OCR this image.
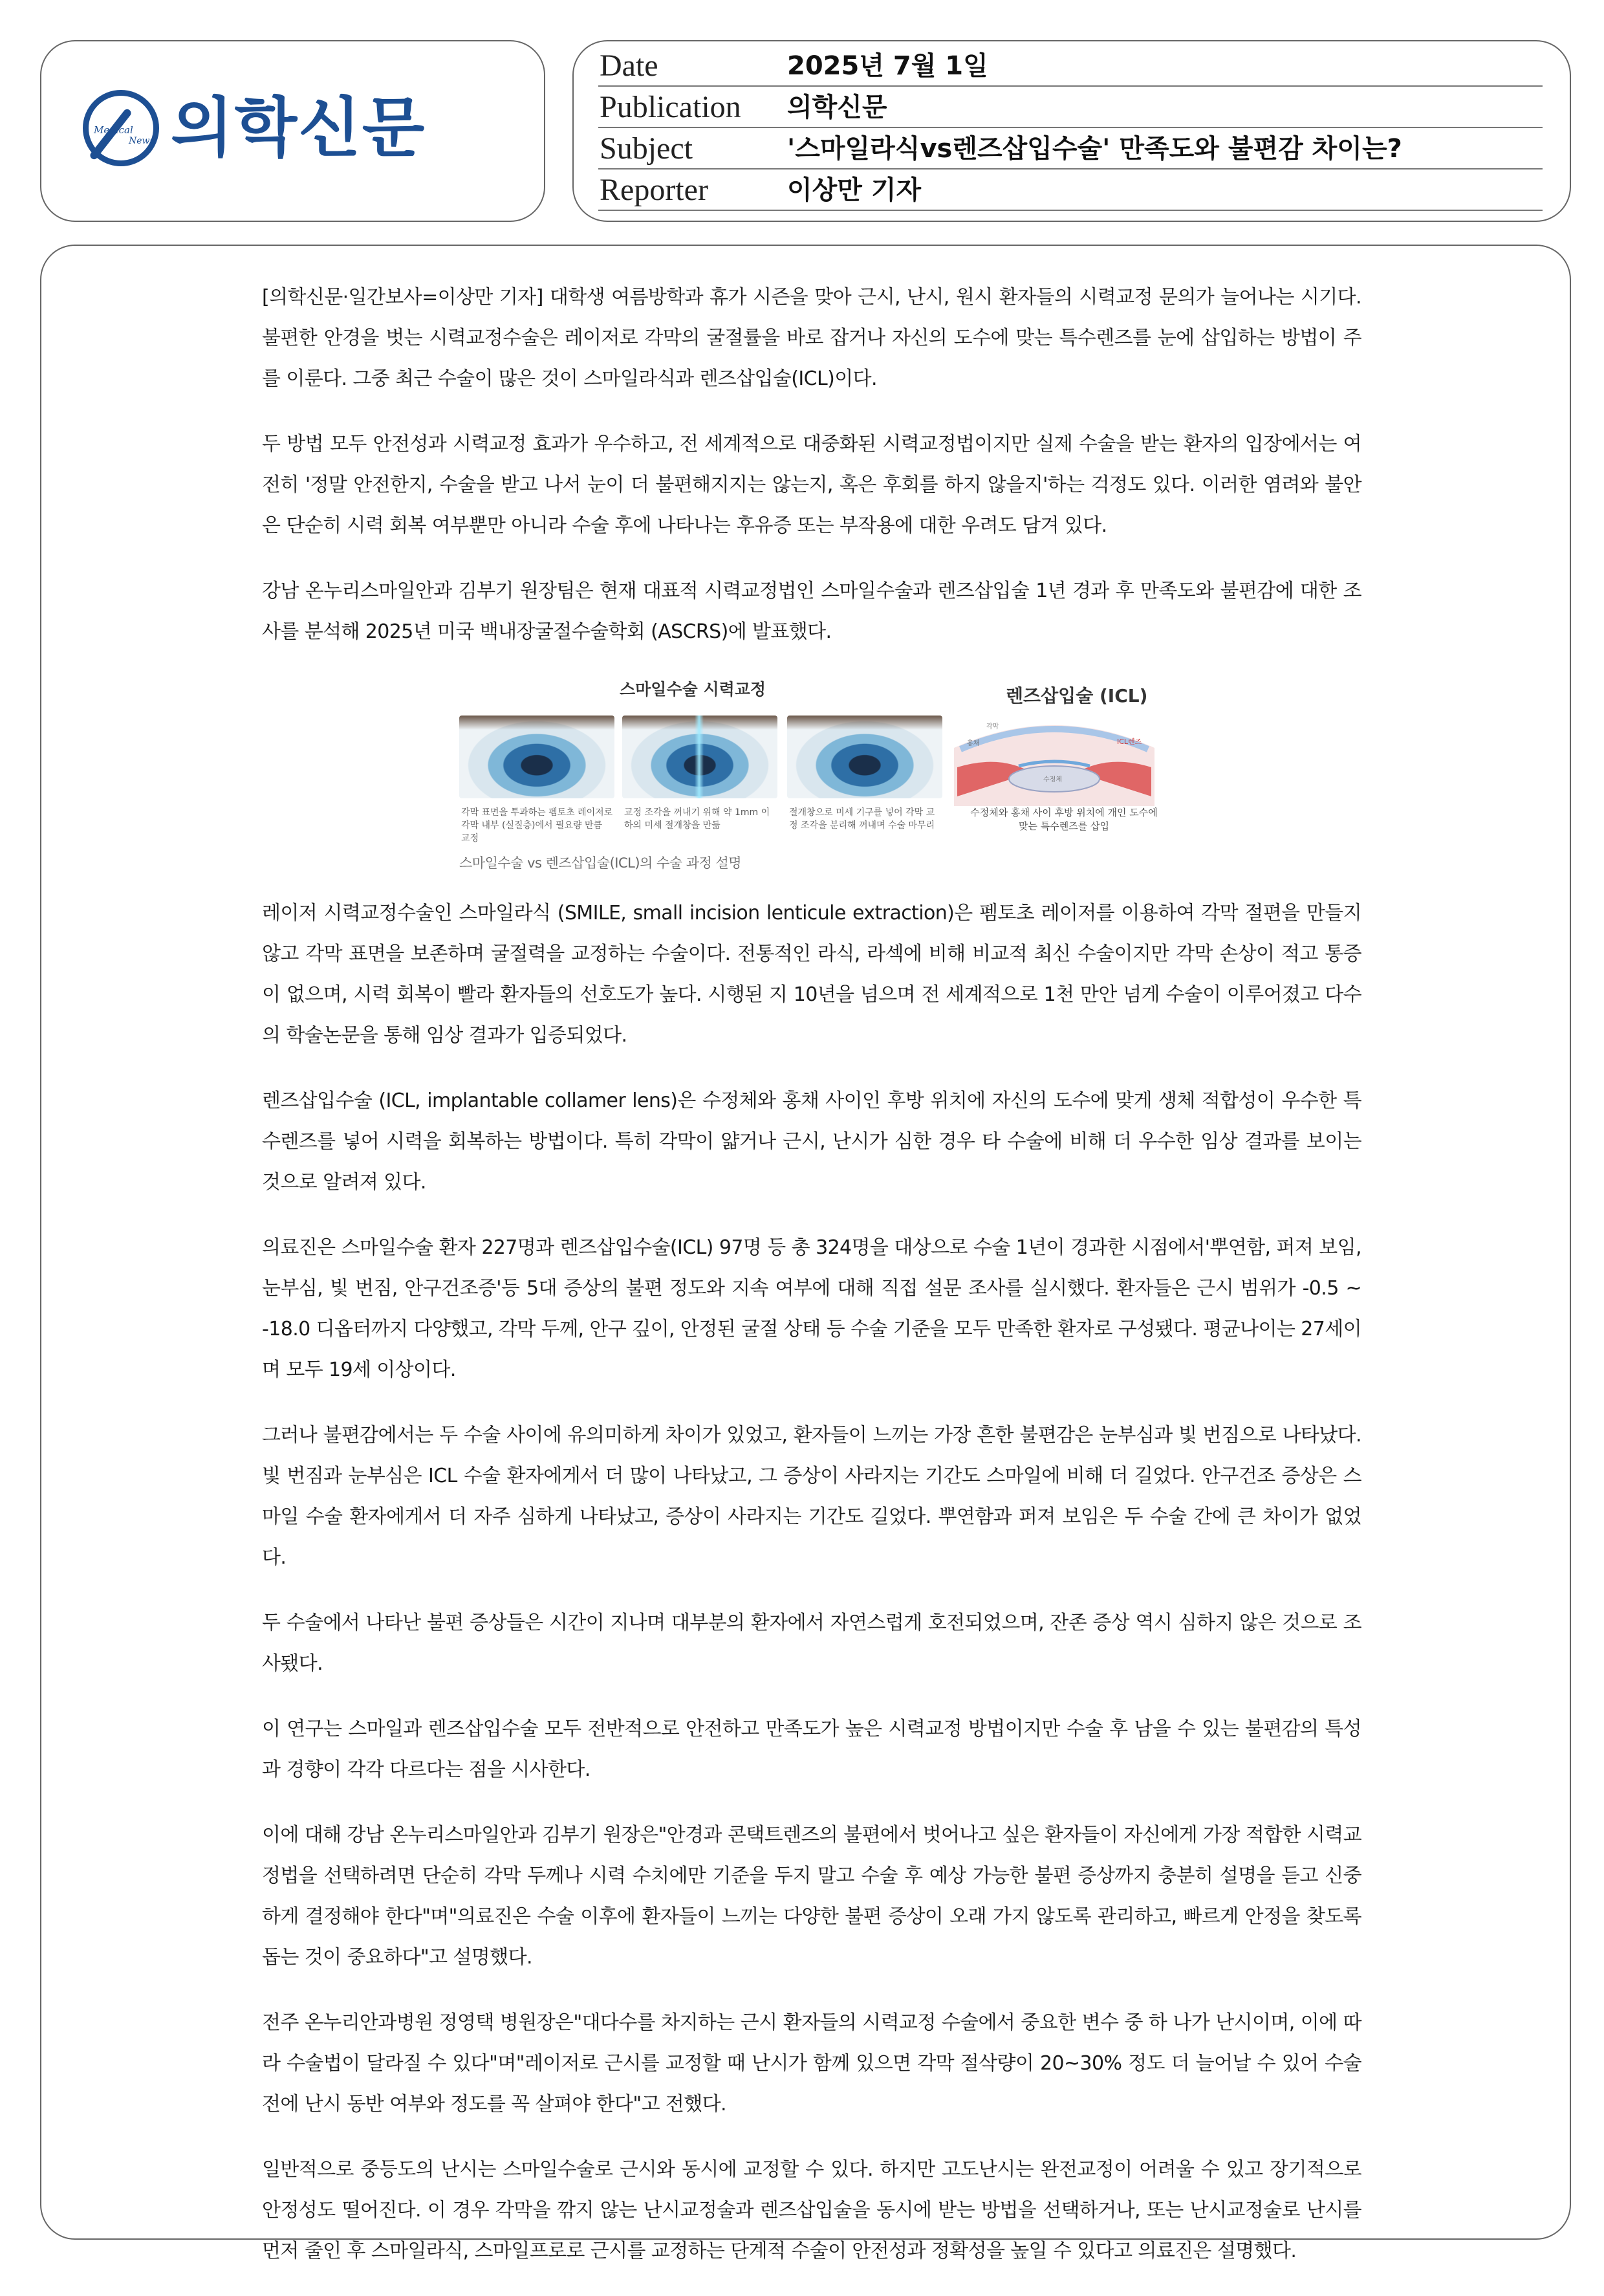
Medical
News 의학신문
Date	2025년 7월 1일
Publication	의학신문
Subject	'스마일라식vs렌즈삽입수술' 만족도와 불편감 차이는?
Reporter	이상만 기자

[의학신문·일간보사=이상만 기자] 대학생 여름방학과 휴가 시즌을 맞아 근시, 난시, 원시 환자들의 시력교정 문의가 늘어나는 시기다. 불편한 안경을 벗는 시력교정수술은 레이저로 각막의 굴절률을 바로 잡거나 자신의 도수에 맞는 특수렌즈를 눈에 삽입하는 방법이 주를 이룬다. 그중 최근 수술이 많은 것이 스마일라식과 렌즈삽입술(ICL)이다.

두 방법 모두 안전성과 시력교정 효과가 우수하고, 전 세계적으로 대중화된 시력교정법이지만 실제 수술을 받는 환자의 입장에서는 여전히 '정말 안전한지, 수술을 받고 나서 눈이 더 불편해지지는 않는지, 혹은 후회를 하지 않을지'하는 걱정도 있다. 이러한 염려와 불안은 단순히 시력 회복 여부뿐만 아니라 수술 후에 나타나는 후유증 또는 부작용에 대한 우려도 담겨 있다.

강남 온누리스마일안과 김부기 원장팀은 현재 대표적 시력교정법인 스마일수술과 렌즈삽입술 1년 경과 후 만족도와 불편감에 대한 조사를 분석해 2025년 미국 백내장굴절수술학회 (ASCRS)에 발표했다.

스마일수술 시력교정	렌즈삽입술 (ICL)
각막 표면을 투과하는 펨토초 레이저로 각막 내부 (실질층)에서 필요량 만큼 교정
교정 조각을 꺼내기 위해 약 1mm 이하의 미세 절개창을 만듦
절개창으로 미세 기구를 넣어 각막 교정 조각을 분리해 꺼내며 수술 마무리
각막
홍채	ICL렌즈
수정체
수정체와 홍채 사이 후방 위치에 개인 도수에 맞는 특수렌즈를 삽입
스마일수술 vs 렌즈삽입술(ICL)의 수술 과정 설명

레이저 시력교정수술인 스마일라식 (SMILE, small incision lenticule extraction)은 펨토초 레이저를 이용하여 각막 절편을 만들지 않고 각막 표면을 보존하며 굴절력을 교정하는 수술이다. 전통적인 라식, 라섹에 비해 비교적 최신 수술이지만 각막 손상이 적고 통증이 없으며, 시력 회복이 빨라 환자들의 선호도가 높다. 시행된 지 10년을 넘으며 전 세계적으로 1천 만안 넘게 수술이 이루어졌고 다수의 학술논문을 통해 임상 결과가 입증되었다.

렌즈삽입수술 (ICL, implantable collamer lens)은 수정체와 홍채 사이인 후방 위치에 자신의 도수에 맞게 생체 적합성이 우수한 특수렌즈를 넣어 시력을 회복하는 방법이다. 특히 각막이 얇거나 근시, 난시가 심한 경우 타 수술에 비해 더 우수한 임상 결과를 보이는 것으로 알려져 있다.

의료진은 스마일수술 환자 227명과 렌즈삽입수술(ICL) 97명 등 총 324명을 대상으로 수술 1년이 경과한 시점에서'뿌연함, 퍼져 보임, 눈부심, 빛 번짐, 안구건조증'등 5대 증상의 불편 정도와 지속 여부에 대해 직접 설문 조사를 실시했다. 환자들은 근시 범위가 -0.5 ~ -18.0 디옵터까지 다양했고, 각막 두께, 안구 깊이, 안정된 굴절 상태 등 수술 기준을 모두 만족한 환자로 구성됐다. 평균나이는 27세이며 모두 19세 이상이다.

그러나 불편감에서는 두 수술 사이에 유의미하게 차이가 있었고, 환자들이 느끼는 가장 흔한 불편감은 눈부심과 빛 번짐으로 나타났다. 빛 번짐과 눈부심은 ICL 수술 환자에게서 더 많이 나타났고, 그 증상이 사라지는 기간도 스마일에 비해 더 길었다. 안구건조 증상은 스마일 수술 환자에게서 더 자주 심하게 나타났고, 증상이 사라지는 기간도 길었다. 뿌연함과 퍼져 보임은 두 수술 간에 큰 차이가 없었다.

두 수술에서 나타난 불편 증상들은 시간이 지나며 대부분의 환자에서 자연스럽게 호전되었으며, 잔존 증상 역시 심하지 않은 것으로 조사됐다.

이 연구는 스마일과 렌즈삽입수술 모두 전반적으로 안전하고 만족도가 높은 시력교정 방법이지만 수술 후 남을 수 있는 불편감의 특성과 경향이 각각 다르다는 점을 시사한다.

이에 대해 강남 온누리스마일안과 김부기 원장은"안경과 콘택트렌즈의 불편에서 벗어나고 싶은 환자들이 자신에게 가장 적합한 시력교정법을 선택하려면 단순히 각막 두께나 시력 수치에만 기준을 두지 말고 수술 후 예상 가능한 불편 증상까지 충분히 설명을 듣고 신중하게 결정해야 한다"며"의료진은 수술 이후에 환자들이 느끼는 다양한 불편 증상이 오래 가지 않도록 관리하고, 빠르게 안정을 찾도록 돕는 것이 중요하다"고 설명했다.

전주 온누리안과병원 정영택 병원장은"대다수를 차지하는 근시 환자들의 시력교정 수술에서 중요한 변수 중 하 나가 난시이며, 이에 따라 수술법이 달라질 수 있다"며"레이저로 근시를 교정할 때 난시가 함께 있으면 각막 절삭량이 20~30% 정도 더 늘어날 수 있어 수술 전에 난시 동반 여부와 정도를 꼭 살펴야 한다"고 전했다.

일반적으로 중등도의 난시는 스마일수술로 근시와 동시에 교정할 수 있다. 하지만 고도난시는 완전교정이 어려울 수 있고 장기적으로 안정성도 떨어진다. 이 경우 각막을 깎지 않는 난시교정술과 렌즈삽입술을 동시에 받는 방법을 선택하거나, 또는 난시교정술로 난시를 먼저 줄인 후 스마일라식, 스마일프로로 근시를 교정하는 단계적 수술이 안전성과 정확성을 높일 수 있다고 의료진은 설명했다.
